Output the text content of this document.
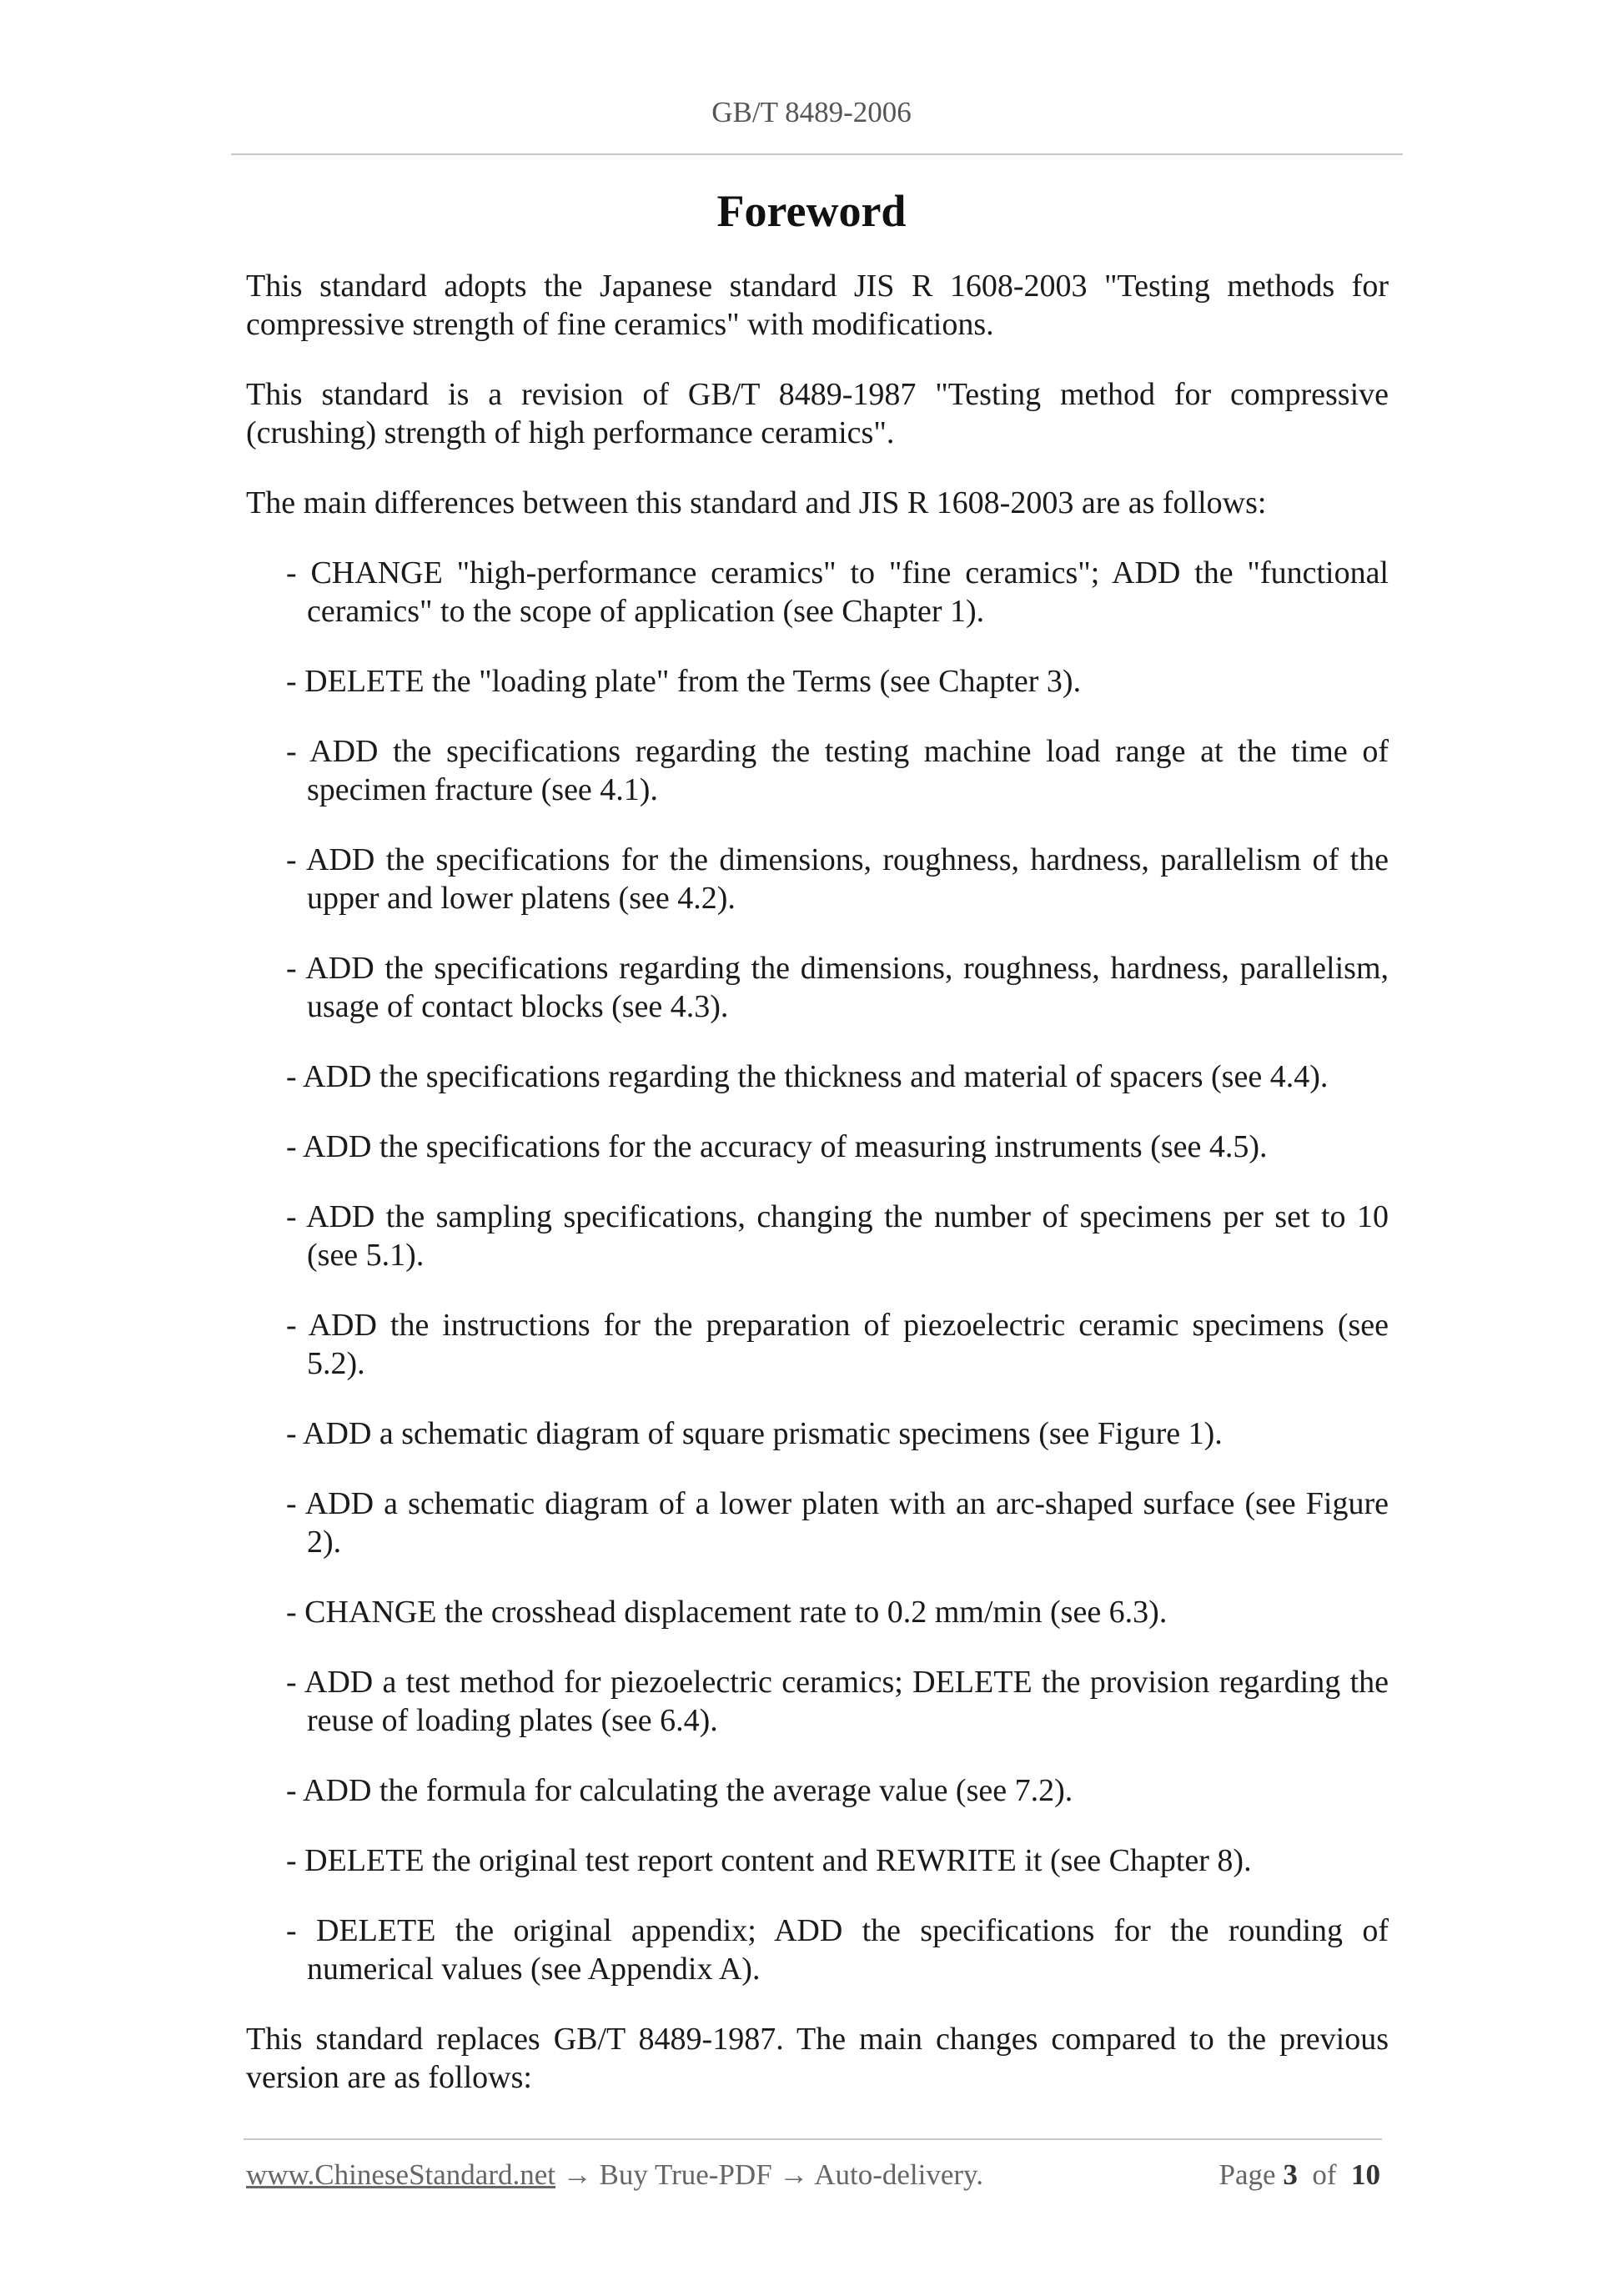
GB/T 8489-2006
Foreword

This standard adopts the Japanese standard JIS R 1608-2003 "Testing methods for compressive strength of fine ceramics" with modifications.

This standard is a revision of GB/T 8489-1987 "Testing method for compressive (crushing) strength of high performance ceramics".

The main differences between this standard and JIS R 1608-2003 are as follows:

- CHANGE "high-performance ceramics" to "fine ceramics"; ADD the "functional ceramics" to the scope of application (see Chapter 1).

- DELETE the "loading plate" from the Terms (see Chapter 3).

- ADD the specifications regarding the testing machine load range at the time of specimen fracture (see 4.1).

- ADD the specifications for the dimensions, roughness, hardness, parallelism of the upper and lower platens (see 4.2).

- ADD the specifications regarding the dimensions, roughness, hardness, parallelism, usage of contact blocks (see 4.3).

- ADD the specifications regarding the thickness and material of spacers (see 4.4).

- ADD the specifications for the accuracy of measuring instruments (see 4.5).

- ADD the sampling specifications, changing the number of specimens per set to 10 (see 5.1).

- ADD the instructions for the preparation of piezoelectric ceramic specimens (see 5.2).

- ADD a schematic diagram of square prismatic specimens (see Figure 1).

- ADD a schematic diagram of a lower platen with an arc-shaped surface (see Figure 2).

- CHANGE the crosshead displacement rate to 0.2 mm/min (see 6.3).

- ADD a test method for piezoelectric ceramics; DELETE the provision regarding the reuse of loading plates (see 6.4).

- ADD the formula for calculating the average value (see 7.2).

- DELETE the original test report content and REWRITE it (see Chapter 8).

- DELETE the original appendix; ADD the specifications for the rounding of numerical values (see Appendix A).

This standard replaces GB/T 8489-1987. The main changes compared to the previous version are as follows:

www.ChineseStandard.net → Buy True-PDF → Auto-delivery.	Page 3 of 10
